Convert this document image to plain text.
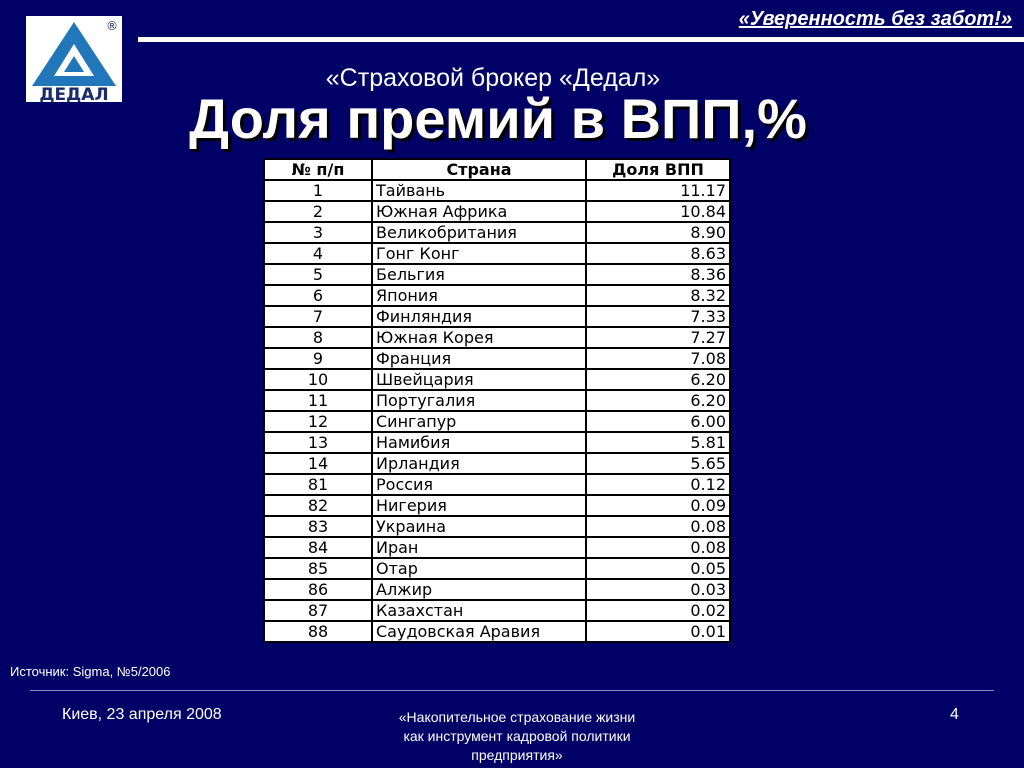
ДЕДАЛ
®	«Уверенность без забот!»
«Страховой брокер «Дедал»
Доля премий в ВПП,%
№ п/п	Страна	Доля ВПП
1	Тайвань	11.17
2	Южная Африка	10.84
3	Великобритания	8.90
4	Гонг Конг	8.63
5	Бельгия	8.36
6	Япония	8.32
7	Финляндия	7.33
8	Южная Корея	7.27
9	Франция	7.08
10	Швейцария	6.20
11	Португалия	6.20
12	Сингапур	6.00
13	Намибия	5.81
14	Ирландия	5.65
81	Россия	0.12
82	Нигерия	0.09
83	Украина	0.08
84	Иран	0.08
85	Отар	0.05
86	Алжир	0.03
87	Казахстан	0.02
88	Саудовская Аравия	0.01
Источник: Sigma, №5/2006
Киев, 23 апреля 2008	«Накопительное страхование жизни
как инструмент кадровой политики
предприятия»
4
